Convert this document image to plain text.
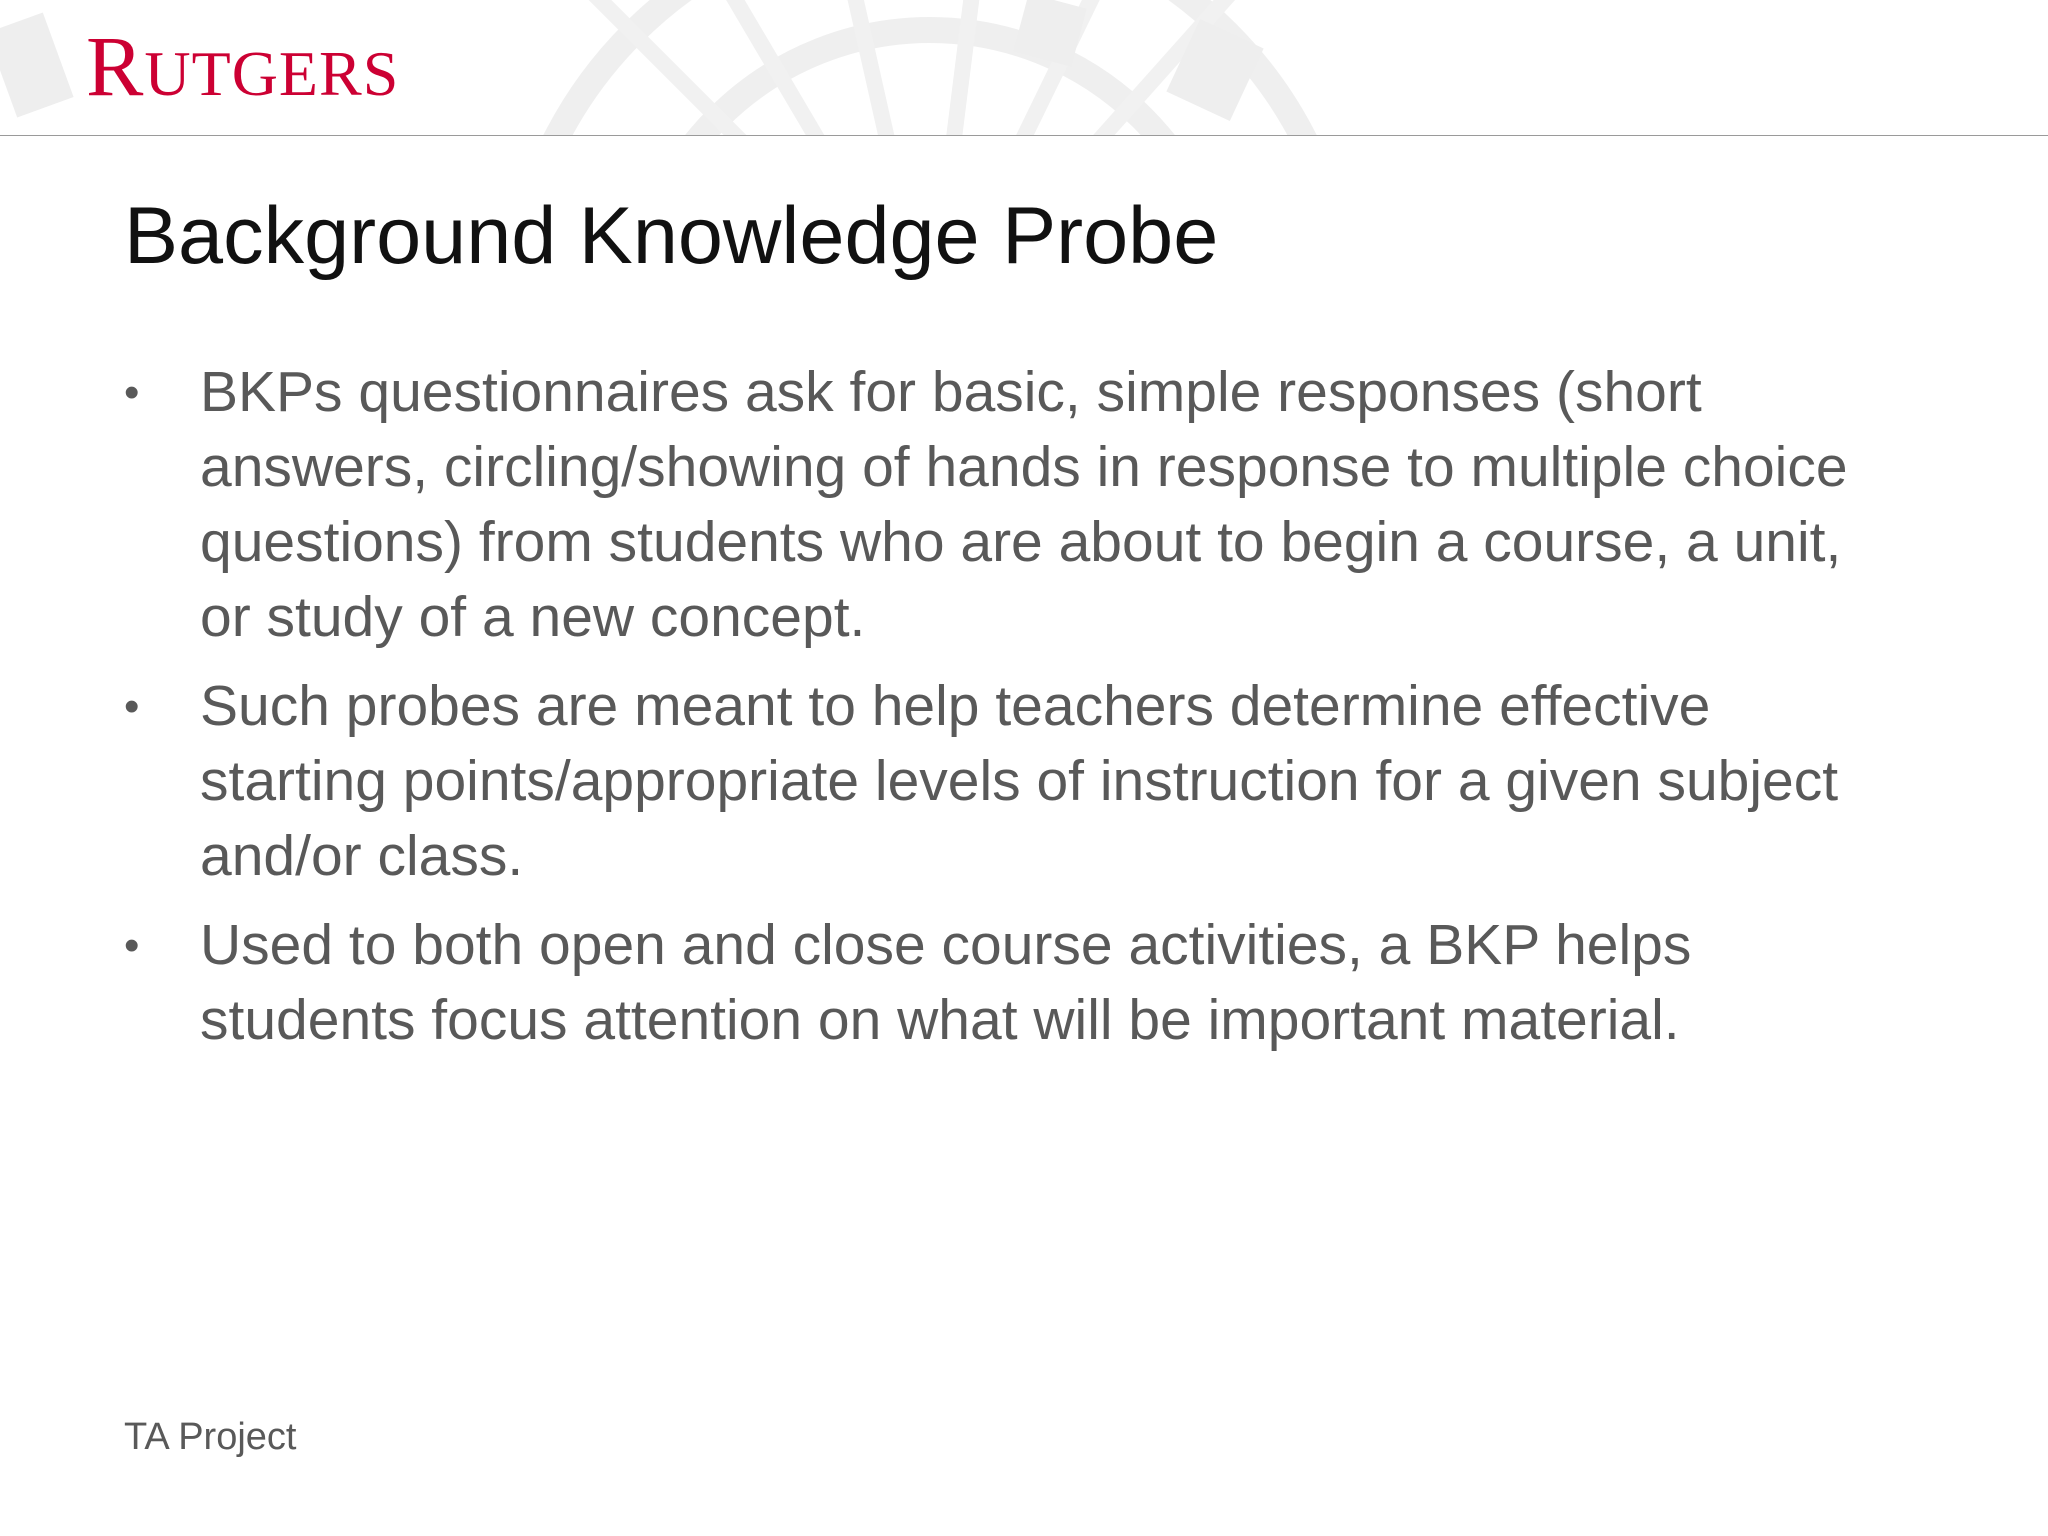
RUTGERS
Background Knowledge Probe
•	BKPs questionnaires ask for basic, simple responses (short answers, circling/showing of hands in response to multiple choice questions) from students who are about to begin a course, a unit, or study of a new concept.
•	Such probes are meant to help teachers determine effective starting points/appropriate levels of instruction for a given subject and/or class.
•	Used to both open and close course activities, a BKP helps students focus attention on what will be important material.
TA Project
